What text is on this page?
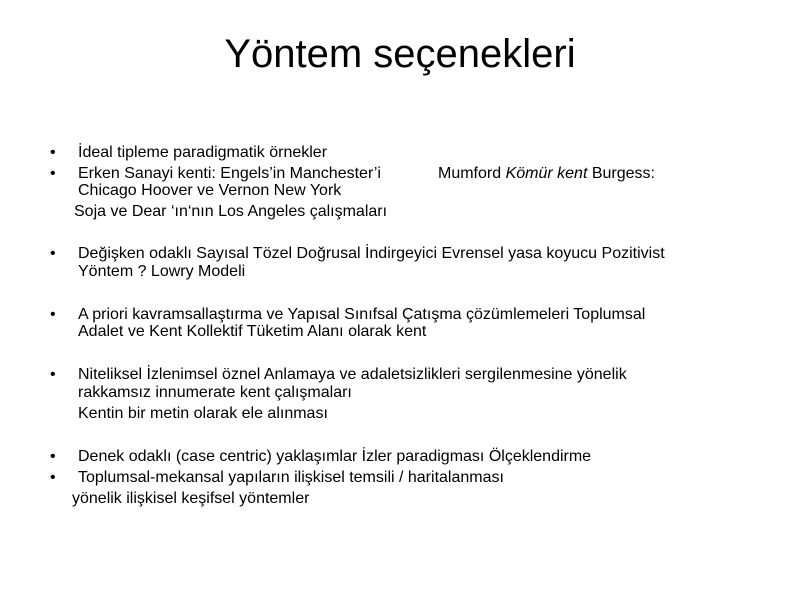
Yöntem seçenekleri
• İdeal tipleme paradigmatik örnekler
• Erken Sanayi kenti: Engels’in Manchester’i	Mumford Kömür kent Burgess:
Chicago Hoover ve Vernon New York
Soja ve Dear ‘ın‘nın Los Angeles çalışmaları
• Değişken odaklı Sayısal Tözel Doğrusal İndirgeyici Evrensel yasa koyucu Pozitivist
Yöntem ? Lowry Modeli
• A priori kavramsallaştırma ve Yapısal Sınıfsal Çatışma çözümlemeleri Toplumsal
Adalet ve Kent Kollektif Tüketim Alanı olarak kent
• Niteliksel İzlenimsel öznel Anlamaya ve adaletsizlikleri sergilenmesine yönelik
rakkamsız innumerate kent çalışmaları
Kentin bir metin olarak ele alınması
• Denek odaklı (case centric) yaklaşımlar İzler paradigması Ölçeklendirme
• Toplumsal-mekansal yapıların ilişkisel temsili / haritalanması
yönelik ilişkisel keşifsel yöntemler
